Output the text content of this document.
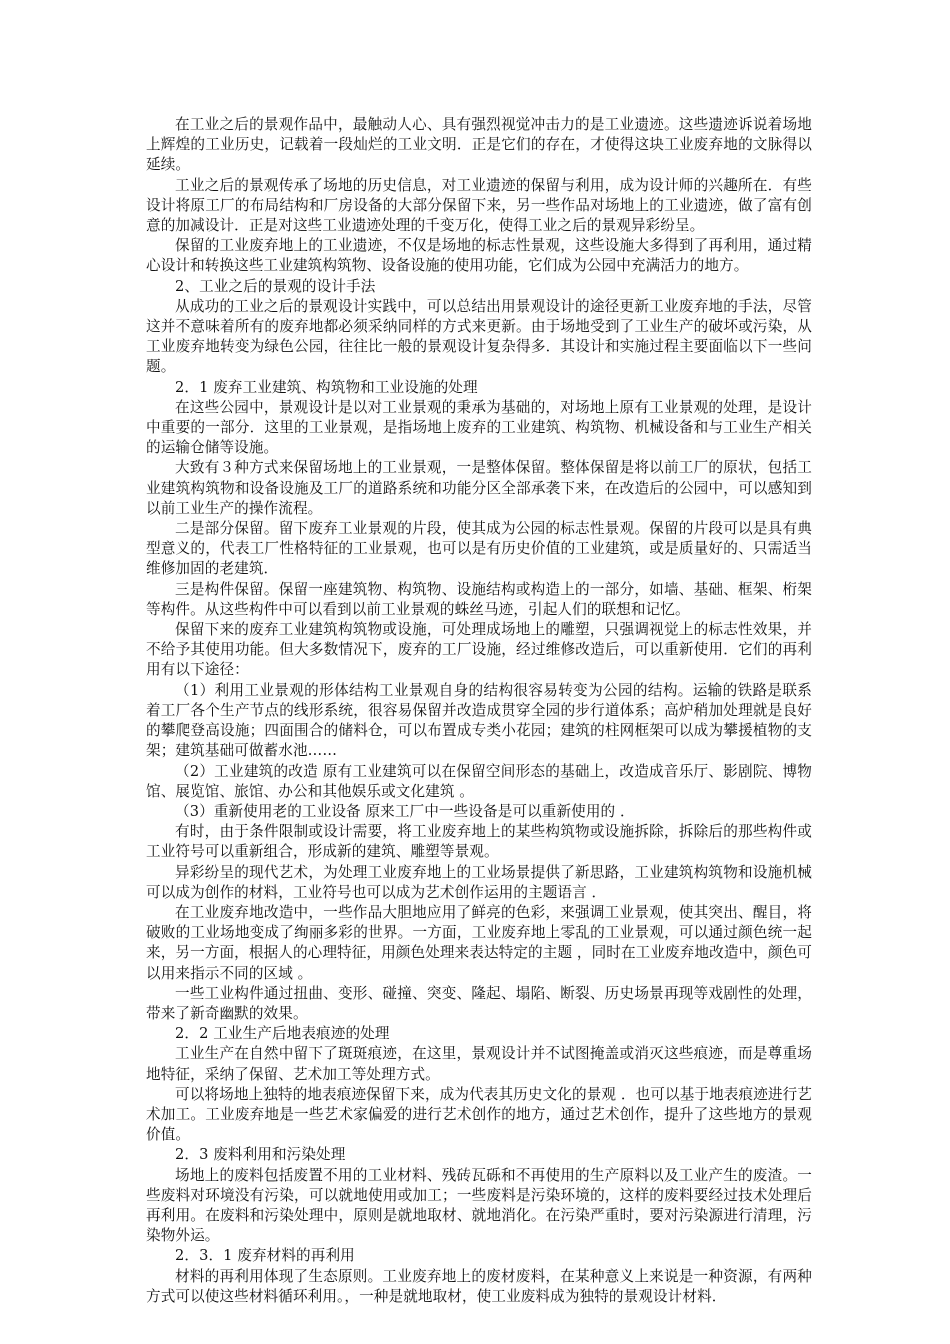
在工业之后的景观作品中，最触动人心、具有强烈视觉冲击力的是工业遗迹。这些遗迹诉说着场地上辉煌的工业历史，记载着一段灿烂的工业文明．正是它们的存在，才使得这块工业废弃地的文脉得以延续。

工业之后的景观传承了场地的历史信息，对工业遗迹的保留与利用，成为设计师的兴趣所在．有些设计将原工厂的布局结构和厂房设备的大部分保留下来，另一些作品对场地上的工业遗迹，做了富有创意的加减设计．正是对这些工业遗迹处理的千变万化，使得工业之后的景观异彩纷呈。

保留的工业废弃地上的工业遗迹，不仅是场地的标志性景观，这些设施大多得到了再利用，通过精心设计和转换这些工业建筑构筑物、设备设施的使用功能，它们成为公园中充满活力的地方。

2、工业之后的景观的设计手法

从成功的工业之后的景观设计实践中，可以总结出用景观设计的途径更新工业废弃地的手法，尽管这并不意味着所有的废弃地都必须采纳同样的方式来更新。由于场地受到了工业生产的破坏或污染，从工业废弃地转变为绿色公园，往往比一般的景观设计复杂得多．其设计和实施过程主要面临以下一些问题。

2．1 废弃工业建筑、构筑物和工业设施的处理

在这些公园中，景观设计是以对工业景观的秉承为基础的，对场地上原有工业景观的处理，是设计中重要的一部分．这里的工业景观，是指场地上废弃的工业建筑、构筑物、机械设备和与工业生产相关的运输仓储等设施。

大致有３种方式来保留场地上的工业景观，一是整体保留。整体保留是将以前工厂的原状，包括工业建筑构筑物和设备设施及工厂的道路系统和功能分区全部承袭下来，在改造后的公园中，可以感知到以前工业生产的操作流程。

二是部分保留。留下废弃工业景观的片段，使其成为公园的标志性景观。保留的片段可以是具有典型意义的，代表工厂性格特征的工业景观，也可以是有历史价值的工业建筑，或是质量好的、只需适当维修加固的老建筑．

三是构件保留。保留一座建筑物、构筑物、设施结构或构造上的一部分，如墙、基础、框架、桁架等构件。从这些构件中可以看到以前工业景观的蛛丝马迹，引起人们的联想和记忆。

保留下来的废弃工业建筑构筑物或设施，可处理成场地上的雕塑，只强调视觉上的标志性效果，并不给予其使用功能。但大多数情况下，废弃的工厂设施，经过维修改造后，可以重新使用．它们的再利用有以下途径：

（1）利用工业景观的形体结构工业景观自身的结构很容易转变为公园的结构。运输的铁路是联系着工厂各个生产节点的线形系统，很容易保留并改造成贯穿全园的步行道体系；高炉稍加处理就是良好的攀爬登高设施；四面围合的储料仓，可以布置成专类小花园；建筑的柱网框架可以成为攀援植物的支架；建筑基础可做蓄水池……

（2）工业建筑的改造 原有工业建筑可以在保留空间形态的基础上，改造成音乐厅、影剧院、博物馆、展览馆、旅馆、办公和其他娱乐或文化建筑 。

（3）重新使用老的工业设备 原来工厂中一些设备是可以重新使用的 ．

有时，由于条件限制或设计需要，将工业废弃地上的某些构筑物或设施拆除，拆除后的那些构件或工业符号可以重新组合，形成新的建筑、雕塑等景观。

异彩纷呈的现代艺术，为处理工业废弃地上的工业场景提供了新思路，工业建筑构筑物和设施机械可以成为创作的材料，工业符号也可以成为艺术创作运用的主题语言 ．

在工业废弃地改造中，一些作品大胆地应用了鲜亮的色彩，来强调工业景观，使其突出、醒目，将破败的工业场地变成了绚丽多彩的世界。一方面，工业废弃地上零乱的工业景观，可以通过颜色统一起来，另一方面，根据人的心理特征，用颜色处理来表达特定的主题 ，同时在工业废弃地改造中，颜色可以用来指示不同的区域 。

一些工业构件通过扭曲、变形、碰撞、突变、隆起、塌陷、断裂、历史场景再现等戏剧性的处理，带来了新奇幽默的效果。

2．2 工业生产后地表痕迹的处理

工业生产在自然中留下了斑斑痕迹，在这里，景观设计并不试图掩盖或消灭这些痕迹，而是尊重场地特征，采纳了保留、艺术加工等处理方式。

可以将场地上独特的地表痕迹保留下来，成为代表其历史文化的景观 ．也可以基于地表痕迹进行艺术加工。工业废弃地是一些艺术家偏爱的进行艺术创作的地方，通过艺术创作，提升了这些地方的景观价值。

2．3 废料利用和污染处理

场地上的废料包括废置不用的工业材料、残砖瓦砾和不再使用的生产原料以及工业产生的废渣。一些废料对环境没有污染，可以就地使用或加工；一些废料是污染环境的，这样的废料要经过技术处理后再利用。在废料和污染处理中，原则是就地取材、就地消化。在污染严重时，要对污染源进行清理，污染物外运。

2．3．1 废弃材料的再利用

材料的再利用体现了生态原则。工业废弃地上的废材废料，在某种意义上来说是一种资源，有两种方式可以使这些材料循环利用。，一种是就地取材，使工业废料成为独特的景观设计材料．
